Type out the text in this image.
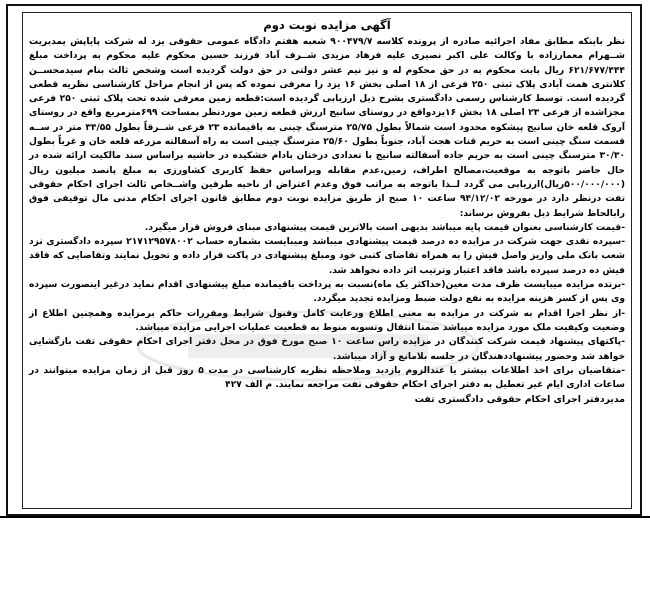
آگهی مزایده نوبت دوم

نظر باینکه مطابق مفاد اجرائیه صادره از پرونده کلاسه ۹۰۰۴۷۹/۷ شعبه هفتم دادگاه عمومی حقوقی یزد له شرکت پایاپش یمدیریت شــهرام معمارزاده با وکالت علی اکبر نصیری علیه فرهاد مزیدی شــرف آباد فرزند حسین محکوم علیه محکوم به پرداخت مبلغ ۶۲۱/۶۷۷/۴۴۴ ریال بابت محکوم به در حق محکوم له و نیز نیم عشر دولتی در حق دولت گردیده است وشخص ثالث بنام سیدمحســن کلانتری همت آبادی پلاک ثبتی ۲۵۰ فرعی از ۱۸ اصلی بخش ۱۶ یزد را معرفی نموده که پس از انجام مراحل کارشناسی نظریه قطعی گردیده است. توسط کارشناس رسمی دادگستری بشرح ذیل ارزیابی گردیده است:قطعه زمین معرفی شده تحت پلاک ثبتی ۲۵۰ فرعی مجزاشده از فرعی ۲۳ اصلی ۱۸ بخش ۱۶یزدواقع در روستای سانیج ارزش قطعه زمین موردنظر بمساحت ۶۹۹مترمربع واقع در روستای آروک قلعه خان سانیج پیشکوه محدود است شمالاً بطول ۲۵/۷۵ مترسنگ چینی به باقیمانده ۲۳ فرعی شــرقاً بطول ۳۴/۵۵ متر در ســه قسمت سنگ چینی است به حریم قنات هجت آباد، جنوباً بطول ۲۵/۶۰ مترسنگ چینی است به راه آسفالته مزرعه قلعه خان و غرباً بطول ۳۰/۳۰ مترسنگ چینی است به حریم جاده آسفالته سانیج با تعدادی درختان بادام خشکیده در حاشیه براساس سند مالکیت ارائه شده در حال حاضر باتوجه به موقعیت،مصالح اطراف، زمین،عدم مقابله وبراساس حفظ کاربری کشاورزی به مبلغ پانصد میلیون ریال (۵۰۰/۰۰۰/۰۰۰ریال)ارزیابی می گردد لــذا باتوجه به مراتب فوق وعدم اعتراض از ناحیه طرفین واشــخاص ثالث اجرای احکام حقوقی تفت درنظر دارد در مورخه ۹۴/۱۲/۰۲ ساعت ۱۰ صبح از طریق مزایده نوبت دوم مطابق قانون اجرای احکام مدنی مال توقیفی فوق رابالحاظ شرایط ذیل بفروش برساند:

-قیمت کارشناسی بعنوان قیمت پایه میباشد بدیهی است بالاترین قیمت پیشنهادی مبنای فروش قرار میگیرد.

-سپرده نقدی جهت شرکت در مزایده ده درصد قیمت پیشنهادی میباشد ومیبایست بشماره حساب ۲۱۷۱۲۹۵۷۸۰۰۲ سپرده دادگستری نزد شعب بانک ملی واریز واصل فیش را به همراه تقاضای کتبی خود ومبلغ پیشنهادی در پاکت قرار داده و تحویل نمایند وتقاضایی که فاقد فیش ده درصد سپرده باشد فاقد اعتبار وترتیب اثر داده نخواهد شد.

-برنده مزایده میبایست ظرف مدت معین(حداکثر یک ماه)نسبت به پرداخت باقیمانده مبلغ پیشنهادی اقدام نماید درغیر اینصورت سپرده وی پس از کسر هزینه مزایده به نفع دولت ضبط ومزایده تجدید میگردد.

-از نظر اجرا اقدام به شرکت در مزایده به معنی اطلاع ورعایت کامل وقبول شرایط ومقررات حاکم برمزایده وهمچنین اطلاع از وضعیت وکیفیت ملک مورد مزایده میباشد ضمنا انتقال وتسویه منوط به قطعیت عملیات اجرایی مزایده میباشد.

-پاکتهای پیشنهاد قیمت شرکت کنندگان در مزایده راس ساعت ۱۰ صبح مورخ فوق در محل دفتر اجرای احکام حقوقی تفت بازگشایی خواهد شد وحضور پیشنهاددهندگان در جلسه بلامانع و آزاد میباشد.

-متقاضیان برای اخذ اطلاعات بیشتر یا عندالزوم بازدید وملاحظه نظریه کارشناسی در مدت ۵ روز قبل از زمان مزایده میتوانند در ساعات اداری ایام غیر تعطیل به دفتر اجرای احکام حقوقی تفت مراجعه نمایند. م الف ۴۲۷

مدیردفتر اجرای احکام حقوقی دادگستری تفت
